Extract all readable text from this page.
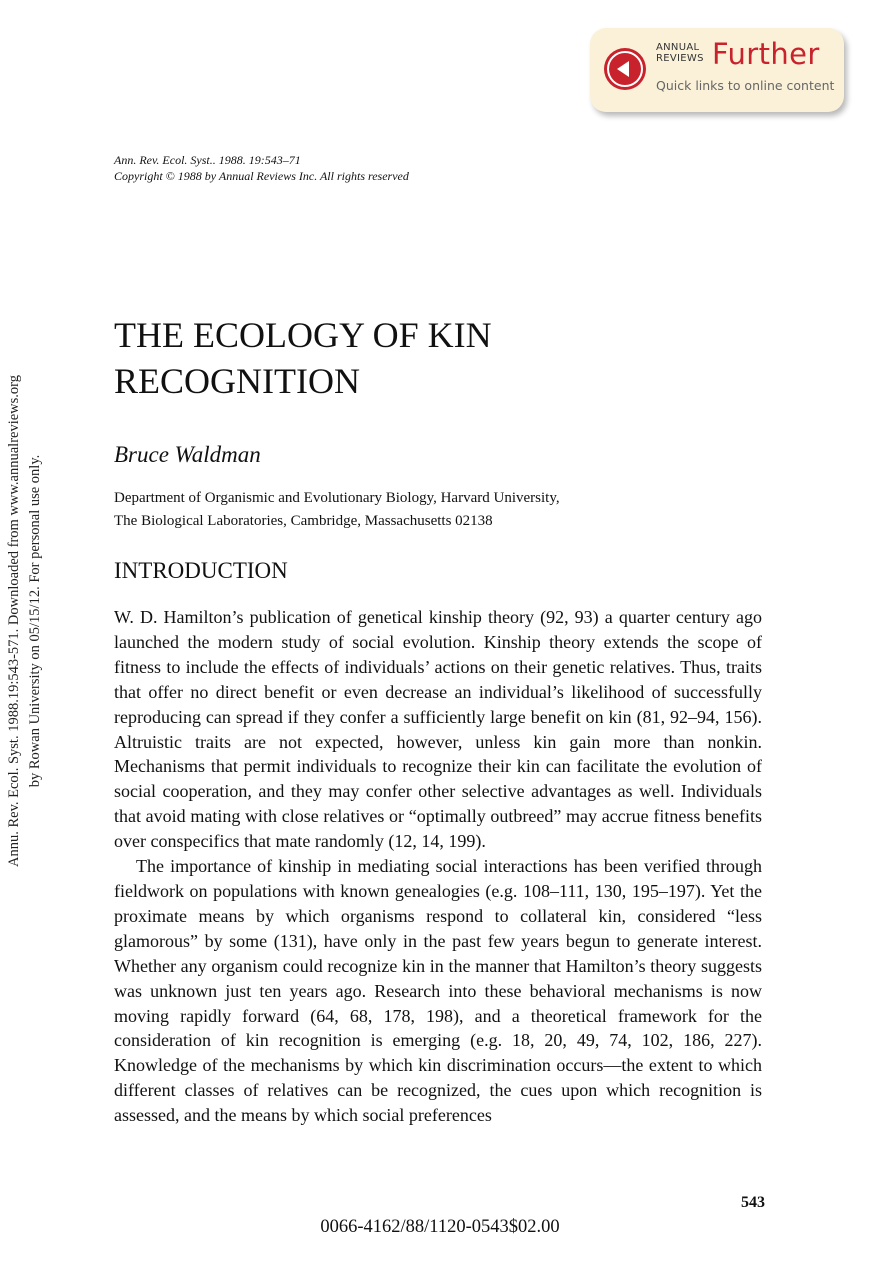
ANNUAL
REVIEWS Further
Quick links to online content
Annu. Rev. Ecol. Syst. 1988.19:543-571. Downloaded from www.annualreviews.org by Rowan University on 05/15/12. For personal use only.
Ann. Rev. Ecol. Syst.. 1988. 19:543–71
Copyright © 1988 by Annual Reviews Inc. All rights reserved
THE ECOLOGY OF KIN
RECOGNITION
Bruce Waldman
Department of Organismic and Evolutionary Biology, Harvard University,
The Biological Laboratories, Cambridge, Massachusetts 02138
INTRODUCTION

W. D. Hamilton’s publication of genetical kinship theory (92, 93) a quarter century ago launched the modern study of social evolution. Kinship theory extends the scope of fitness to include the effects of individuals’ actions on their genetic relatives. Thus, traits that offer no direct benefit or even decrease an individual’s likelihood of successfully reproducing can spread if they confer a sufficiently large benefit on kin (81, 92–94, 156). Altruistic traits are not expected, however, unless kin gain more than nonkin. Mechanisms that permit individuals to recognize their kin can facilitate the evolution of social cooperation, and they may confer other selective advantages as well. Individuals that avoid mating with close relatives or “optimally outbreed” may accrue fitness benefits over conspecifics that mate randomly (12, 14, 199).

The importance of kinship in mediating social interactions has been verified through fieldwork on populations with known genealogies (e.g. 108–111, 130, 195–197). Yet the proximate means by which organisms respond to collateral kin, considered “less glamorous” by some (131), have only in the past few years begun to generate interest. Whether any organism could recognize kin in the manner that Hamilton’s theory suggests was unknown just ten years ago. Research into these behavioral mechanisms is now moving rapidly forward (64, 68, 178, 198), and a theoretical framework for the consideration of kin recognition is emerging (e.g. 18, 20, 49, 74, 102, 186, 227). Knowledge of the mechanisms by which kin discrimination occurs—the extent to which different classes of relatives can be recognized, the cues upon which recognition is assessed, and the means by which social preferences

543
0066-4162/88/1120-0543$02.00
